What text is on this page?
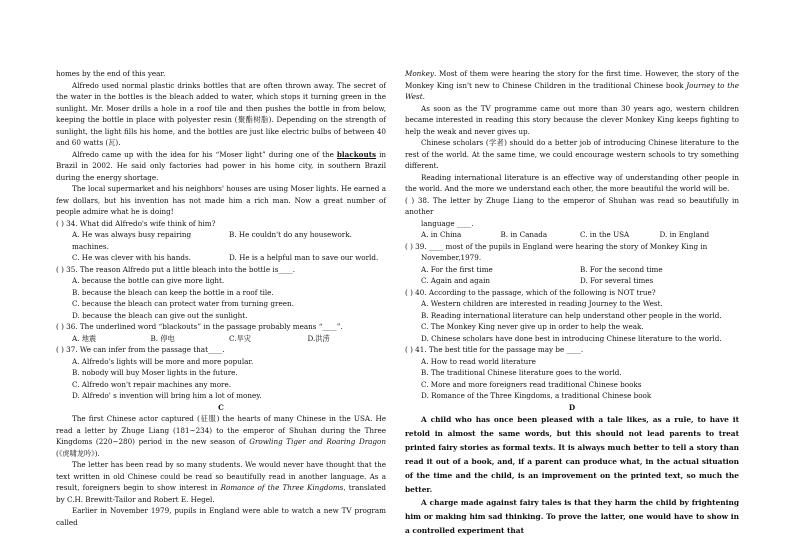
homes by the end of this year.

Alfredo used normal plastic drinks bottles that are often thrown away. The secret of the water in the bottles is the bleach added to water, which stops it turning green in the sunlight. Mr. Moser drills a hole in a roof tile and then pushes the bottle in from below, keeping the bottle in place with polyester resin (聚酯树脂). Depending on the strength of sunlight, the light fills his home, and the bottles are just like electric bulbs of between 40 and 60 watts (瓦).

Alfredo came up with the idea for his “Moser light” during one of the blackouts in Brazil in 2002. He said only factories had power in his home city, in southern Brazil during the energy shortage.

The local supermarket and his neighbors' houses are using Moser lights. He earned a few dollars, but his invention has not made him a rich man. Now a great number of people admire what he is doing!

( ) 34. What did Alfredo's wife think of him?

A. He was always busy repairing machines.
B. He couldn't do any housework.
C. He was clever with his hands.	D. He is a helpful man to save our world.

( ) 35. The reason Alfredo put a little bleach into the bottle is____.

A. because the bottle can give more light.

B. because the bleach can keep the bottle in a roof tile.

C. because the bleach can protect water from turning green.

D. because the bleach can give out the sunlight.

( ) 36. The underlined word “blackouts” in the passage probably means “____”.

A. 地震	B. 停电	C.旱灾	D.洪涝

( ) 37. We can infer from the passage that____.

A. Alfredo's lights will be more and more popular.

B. nobody will buy Moser lights in the future.

C. Alfredo won't repair machines any more.

D. Alfredo' s invention will bring him a lot of money.

C

The first Chinese actor captured (征服) the hearts of many Chinese in the USA. He read a letter by Zhuge Liang (181~234) to the emperor of Shuhan during the Three Kingdoms (220~280) period in the new season of Growling Tiger and Roaring Dragon (《虎啸龙吟》).

The letter has been read by so many students. We would never have thought that the text written in old Chinese could be read so beautifully read in another language. As a result, foreigners begin to show interest in Romance of the Three Kingdoms, translated by C.H. Brewitt-Tailor and Robert E. Hegel.

Earlier in November 1979, pupils in England were able to watch a new TV program called

Monkey. Most of them were hearing the story for the first time. However, the story of the Monkey King isn't new to Chinese Children in the traditional Chinese book Journey to the West.

As soon as the TV programme came out more than 30 years ago, western children became interested in reading this story because the clever Monkey King keeps fighting to help the weak and never gives up.

Chinese scholars (学者) should do a better job of introducing Chinese literature to the rest of the world. At the same time, we could encourage western schools to try something different.

Reading international literature is an effective way of understanding other people in the world. And the more we understand each other, the more beautiful the world will be.

( ) 38. The letter by Zhuge Liang to the emperor of Shuhan was read so beautifully in another

language ____.

A. in China	B. in Canada	C. in the USA	D. in England

( ) 39. ____ most of the pupils in England were hearing the story of Monkey King in

November,1979.

A. For the first time	B. For the second time
C. Again and again	D. For several times

( ) 40. According to the passage, which of the following is NOT true?

A. Western children are interested in reading Journey to the West.

B. Reading international literature can help understand other people in the world.

C. The Monkey King never give up in order to help the weak.

D. Chinese scholars have done best in introducing Chinese literature to the world.

( ) 41. The best title for the passage may be ____.

A. How to read world literature

B. The traditional Chinese literature goes to the world.

C. More and more foreigners read traditional Chinese books

D. Romance of the Three Kingdoms, a traditional Chinese book

D

A child who has once been pleased with a tale likes, as a rule, to have it retold in almost the same words, but this should not lead parents to treat printed fairy stories as formal texts. It is always much better to tell a story than read it out of a book, and, if a parent can produce what, in the actual situation of the time and the child, is an improvement on the printed text, so much the better.

A charge made against fairy tales is that they harm the child by frightening him or making him sad thinking. To prove the latter, one would have to show in a controlled experiment that
